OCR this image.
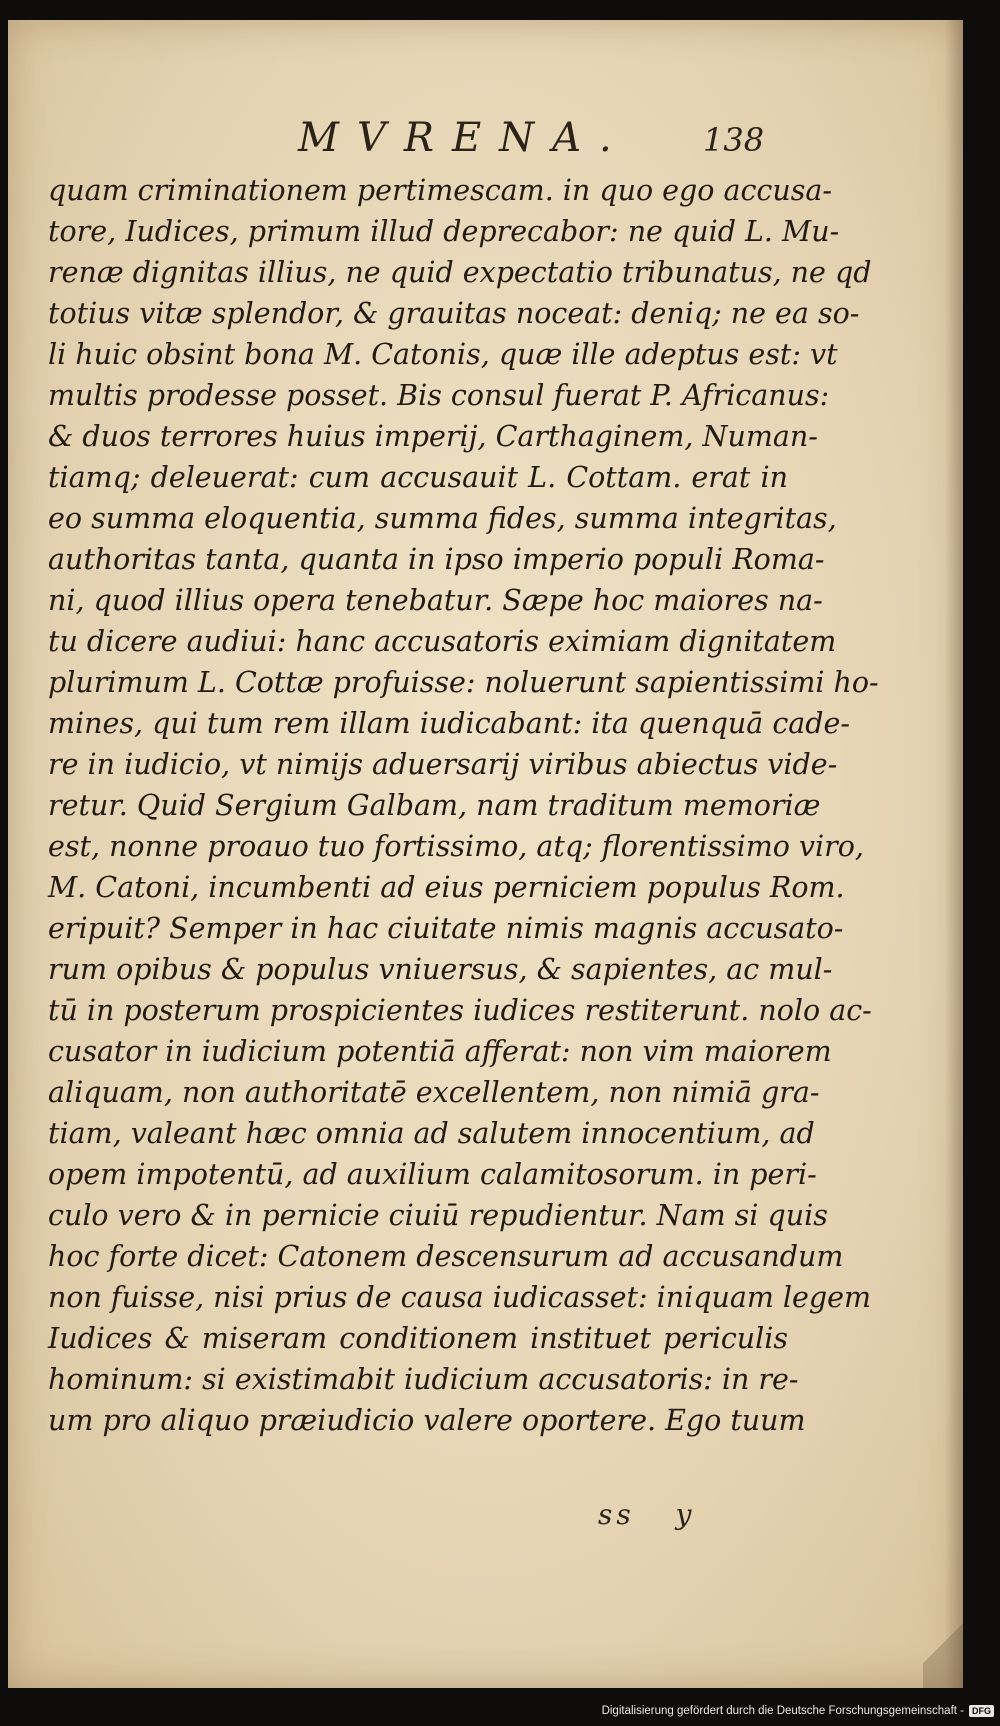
MVRENA. 138
quam criminationem pertimescam. in quo ego accusa-
tore, Iudices, primum illud deprecabor: ne quid L. Mu-
renæ dignitas illius, ne quid expectatio tribunatus, ne qd
totius vitæ splendor, & grauitas noceat: deniq; ne ea so-
li huic obsint bona M. Catonis, quæ ille adeptus est: vt
multis prodesse posset. Bis consul fuerat P. Africanus:
& duos terrores huius imperij, Carthaginem, Numan-
tiamq; deleuerat: cum accusauit L. Cottam. erat in
eo summa eloquentia, summa fides, summa integritas,
authoritas tanta, quanta in ipso imperio populi Roma-
ni, quod illius opera tenebatur. Sæpe hoc maiores na-
tu dicere audiui: hanc accusatoris eximiam dignitatem
plurimum L. Cottæ profuisse: noluerunt sapientissimi ho-
mines, qui tum rem illam iudicabant: ita quenquā cade-
re in iudicio, vt nimijs aduersarij viribus abiectus vide-
retur. Quid Sergium Galbam, nam traditum memoriæ
est, nonne proauo tuo fortissimo, atq; florentissimo viro,
M. Catoni, incumbenti ad eius perniciem populus Rom.
eripuit? Semper in hac ciuitate nimis magnis accusato-
rum opibus & populus vniuersus, & sapientes, ac mul-
tū in posterum prospicientes iudices restiterunt. nolo ac-
cusator in iudicium potentiā afferat: non vim maiorem
aliquam, non authoritatē excellentem, non nimiā gra-
tiam, valeant hæc omnia ad salutem innocentium, ad
opem impotentū, ad auxilium calamitosorum. in peri-
culo vero & in pernicie ciuiū repudientur. Nam si quis
hoc forte dicet: Catonem descensurum ad accusandum
non fuisse, nisi prius de causa iudicasset: iniquam legem
Iudices & miseram conditionem instituet periculis
hominum: si existimabit iudicium accusatoris: in re-
um pro aliquo præiudicio valere oportere. Ego tuum
ss y
Digitalisierung gefördert durch die Deutsche Forschungsgemeinschaft - DFG
